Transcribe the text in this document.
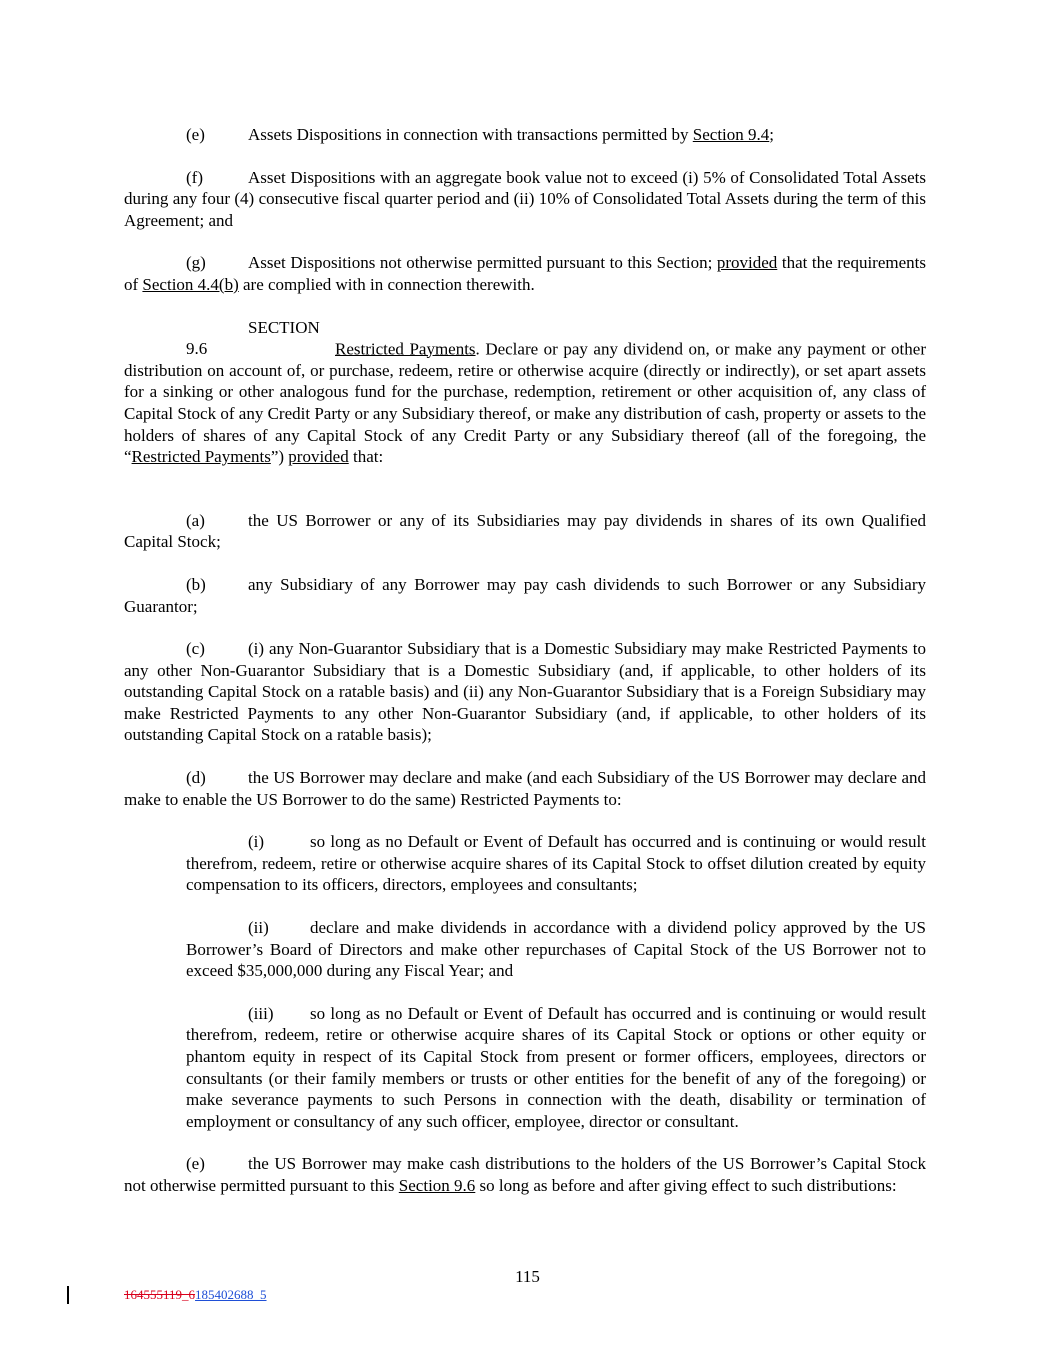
(e)	Assets Dispositions in connection with transactions permitted by Section 9.4;

(f)	Asset Dispositions with an aggregate book value not to exceed (i) 5% of Consolidated Total Assets during any four (4) consecutive fiscal quarter period and (ii) 10% of Consolidated Total Assets during the term of this Agreement; and

(g) Asset Dispositions not otherwise permitted pursuant to this Section; provided that the requirements of Section 4.4(b) are complied with in connection therewith.

SECTION 9.6	Restricted Payments. Declare or pay any dividend on, or make any payment or other distribution on account of, or purchase, redeem, retire or otherwise acquire (directly or indirectly), or set apart assets for a sinking or other analogous fund for the purchase, redemption, retirement or other acquisition of, any class of Capital Stock of any Credit Party or any Subsidiary thereof, or make any distribution of cash, property or assets to the holders of shares of any Capital Stock of any Credit Party or any Subsidiary thereof (all of the foregoing, the “Restricted Payments”) provided that:

(a)	the US Borrower or any of its Subsidiaries may pay dividends in shares of its own Qualified Capital Stock;

(b) any Subsidiary of any Borrower may pay cash dividends to such Borrower or any Subsidiary Guarantor;

(c)	(i) any Non-Guarantor Subsidiary that is a Domestic Subsidiary may make Restricted Payments to any other Non-Guarantor Subsidiary that is a Domestic Subsidiary (and, if applicable, to other holders of its outstanding Capital Stock on a ratable basis) and (ii) any Non-Guarantor Subsidiary that is a Foreign Subsidiary may make Restricted Payments to any other Non-Guarantor Subsidiary (and, if applicable, to other holders of its outstanding Capital Stock on a ratable basis);

(d) the US Borrower may declare and make (and each Subsidiary of the US Borrower may declare and make to enable the US Borrower to do the same) Restricted Payments to:

(i)	so long as no Default or Event of Default has occurred and is continuing or would result therefrom, redeem, retire or otherwise acquire shares of its Capital Stock to offset dilution created by equity compensation to its officers, directors, employees and consultants;

(ii) declare and make dividends in accordance with a dividend policy approved by the US Borrower’s Board of Directors and make other repurchases of Capital Stock of the US Borrower not to exceed $35,000,000 during any Fiscal Year; and

(iii) so long as no Default or Event of Default has occurred and is continuing or would result therefrom, redeem, retire or otherwise acquire shares of its Capital Stock or options or other equity or phantom equity in respect of its Capital Stock from present or former officers, employees, directors or consultants (or their family members or trusts or other entities for the benefit of any of the foregoing) or make severance payments to such Persons in connection with the death, disability or termination of employment or consultancy of any such officer, employee, director or consultant.

(e)	the US Borrower may make cash distributions to the holders of the US Borrower’s Capital Stock not otherwise permitted pursuant to this Section 9.6 so long as before and after giving effect to such distributions:

115
164555119_6185402688_5
